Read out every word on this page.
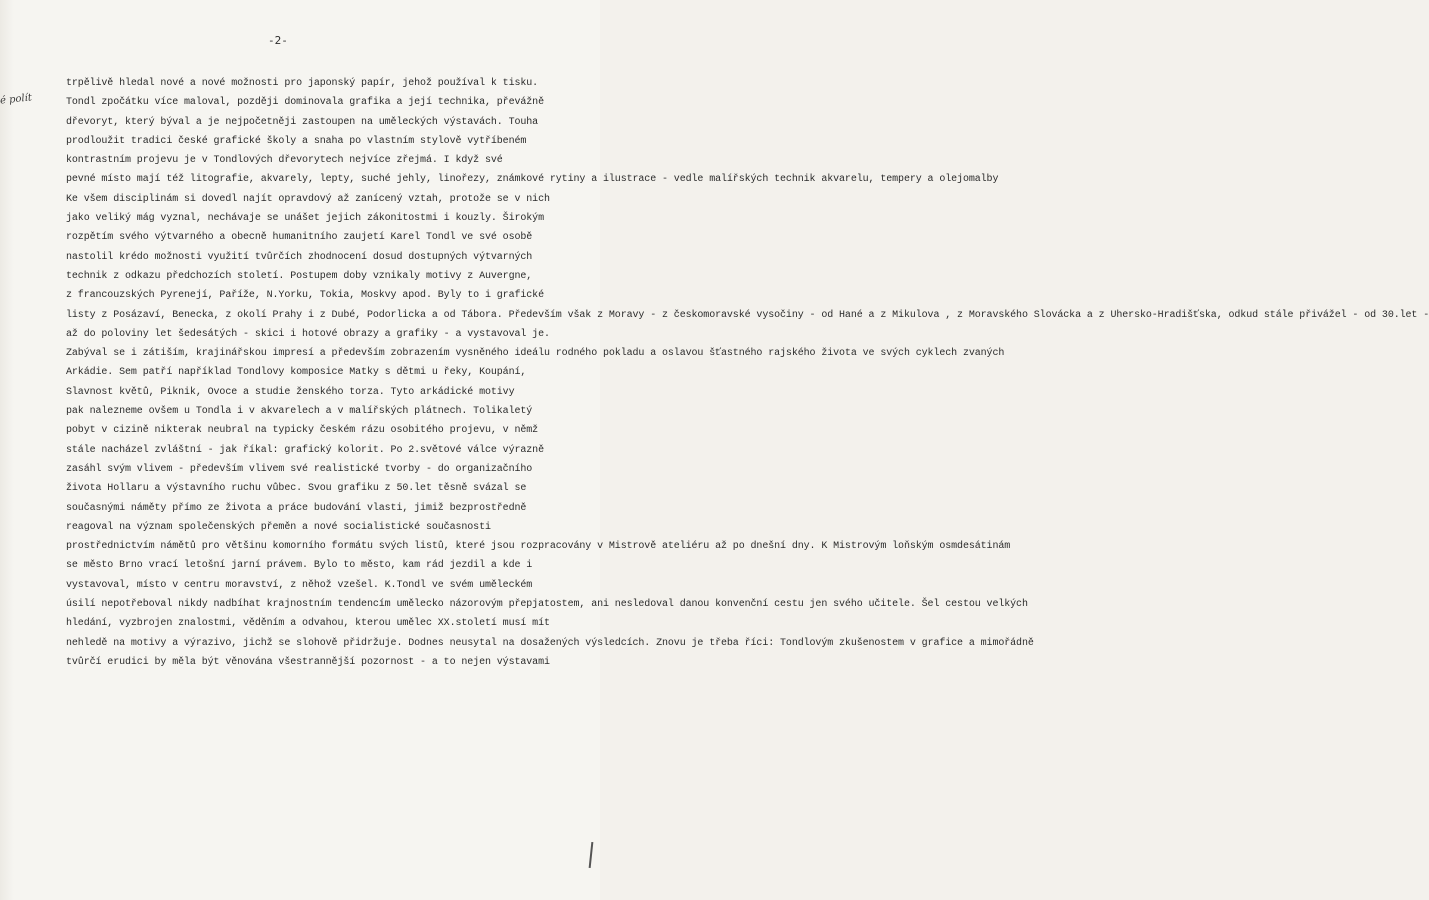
-2-
é polít
trpělivě hledal nové a nové možnosti pro japonský papír, jehož používal k tisku.
Tondl zpočátku více maloval, později dominovala grafika a její technika, převážně
dřevoryt, který býval a je nejpočetněji zastoupen na uměleckých výstavách. Touha
prodloužit tradici české grafické školy a snaha po vlastním stylově vytříbeném
kontrastním projevu je v Tondlových dřevorytech nejvíce zřejmá. I když své
pevné místo mají též litografie, akvarely, lepty, suché jehly, linořezy, známkové rytiny a ilustrace - vedle malířských technik akvarelu, tempery a olejomalby
Ke všem disciplinám si dovedl najít opravdový až zanícený vztah, protože se v nich
jako veliký mág vyznal, nechávaje se unášet jejich zákonitostmi i kouzly. Širokým
rozpětím svého výtvarného a obecně humanitního zaujetí Karel Tondl ve své osobě
nastolil krédo možnosti využití tvůrčích zhodnocení dosud dostupných výtvarných
technik z odkazu předchozích století. Postupem doby vznikaly motivy z Auvergne,
z francouzských Pyrenejí, Paříže, N.Yorku, Tokia, Moskvy apod. Byly to i grafické
listy z Posázaví, Benecka, z okolí Prahy i z Dubé, Podorlicka a od Tábora. Především však z Moravy - z českomoravské vysočiny - od Hané a z Mikulova , z Moravského Slovácka a z Uhersko-Hradišťska, odkud stále přivážel - od 30.let -
až do poloviny let šedesátých - skici i hotové obrazy a grafiky - a vystavoval je.
Zabýval se i zátiším, krajinářskou impresí a především zobrazením vysněného ideálu rodného pokladu a oslavou šťastného rajského života ve svých cyklech zvaných
Arkádie. Sem patří například Tondlovy komposice Matky s dětmi u řeky, Koupání,
Slavnost květů, Piknik, Ovoce a studie ženského torza. Tyto arkádické motivy
pak nalezneme ovšem u Tondla i v akvarelech a v malířských plátnech. Tolikaletý
pobyt v cizině nikterak neubral na typicky českém rázu osobitého projevu, v němž
stále nacházel zvláštní - jak říkal: grafický kolorit. Po 2.světové válce výrazně
zasáhl svým vlivem - především vlivem své realistické tvorby - do organizačního
života Hollaru a výstavního ruchu vůbec. Svou grafiku z 50.let těsně svázal se
současnými náměty přímo ze života a práce budování vlasti, jimiž bezprostředně
reagoval na význam společenských přeměn a nové socialistické současnosti
prostřednictvím námětů pro většinu komorního formátu svých listů, které jsou rozpracovány v Mistrově ateliéru až po dnešní dny. K Mistrovým loňským osmdesátinám
se město Brno vrací letošní jarní právem. Bylo to město, kam rád jezdil a kde i
vystavoval, místo v centru moravství, z něhož vzešel. K.Tondl ve svém uměleckém
úsilí nepotřeboval nikdy nadbíhat krajnostním tendencím umělecko názorovým přepjatostem, ani nesledoval danou konvenční cestu jen svého učitele. Šel cestou velkých
hledání, vyzbrojen znalostmi, věděním a odvahou, kterou umělec XX.století musí mít
nehledě na motivy a výrazivo, jichž se slohově přidržuje. Dodnes neusytal na dosažených výsledcích. Znovu je třeba říci: Tondlovým zkušenostem v grafice a mimořádně
tvůrčí erudici by měla být věnována všestrannější pozornost - a to nejen výstavami
